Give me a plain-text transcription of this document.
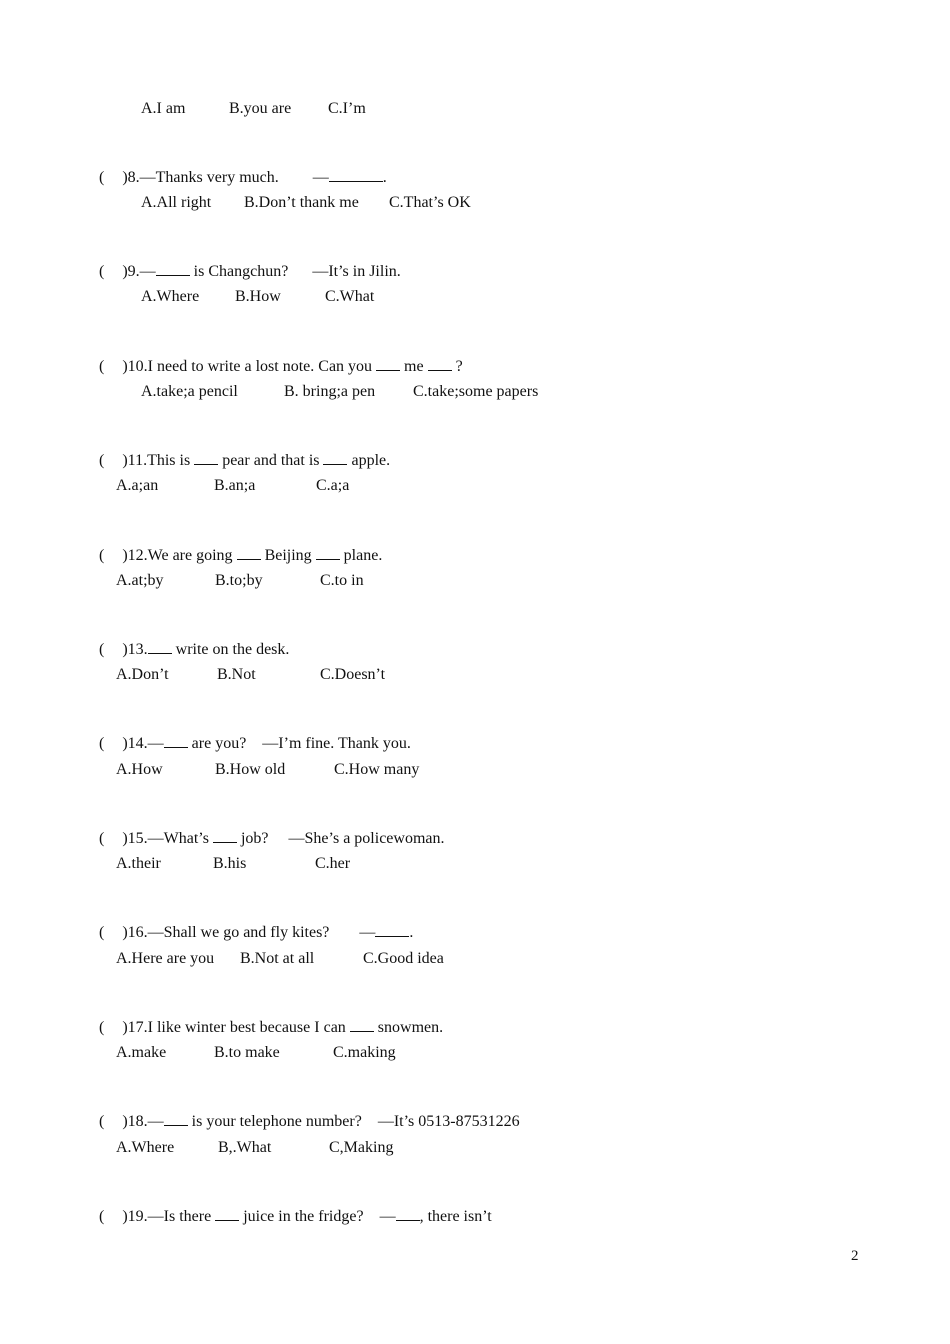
A.I am	B.you are C.I’m

( )8.—Thanks very much. —	.

A.All right B.Don’t thank me C.That’s OK

( )9.— is Changchun? —It’s in Jilin.

A.Where B.How	C.What

( )10.I need to write a lost note. Can you  me  ?

A.take;a pencil	B. bring;a pen C.take;some papers

( )11.This is  pear and that is  apple.

A.a;an	B.an;a	C.a;a

( )12.We are going  Beijing  plane.

A.at;by	B.to;by	C.to in

( )13. write on the desk.

A.Don’t	B.Not	C.Doesn’t

( )14.— are you? —I’m fine. Thank you.

A.How	B.How old	C.How many

( )15.—What’s  job? —She’s a policewoman.

A.their	B.his	C.her

( )16.—Shall we go and fly kites? — .

A.Here are you B.Not at all	C.Good idea

( )17.I like winter best because I can  snowmen.

A.make	B.to make	C.making

( )18.— is your telephone number? —It’s 0513-87531226

A.Where	B,.What	C,Making

( )19.—Is there  juice in the fridge? — , there isn’t

2
